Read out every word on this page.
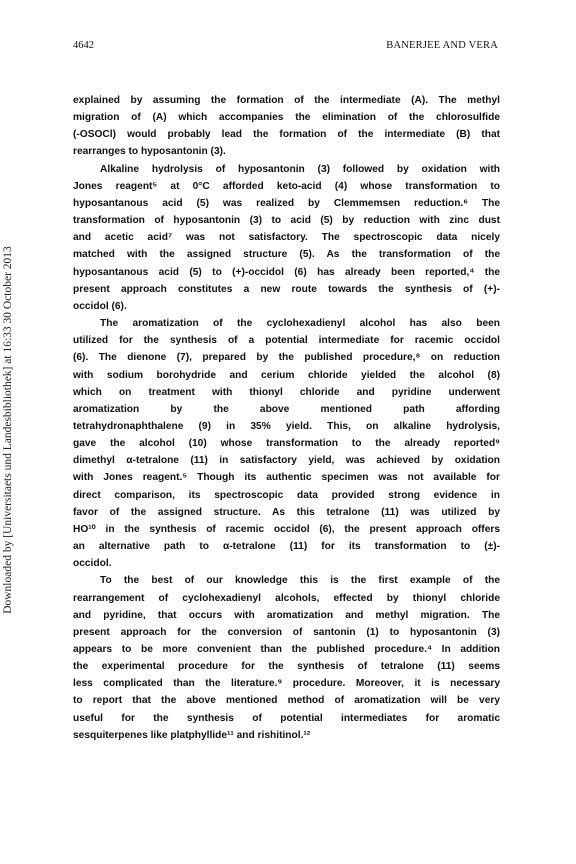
4642	BANERJEE AND VERA
Downloaded by [Universitaets und Landesbibliothek] at 16:33 30 October 2013
explained by assuming the formation of the intermediate (A). The methyl
migration of (A) which accompanies the elimination of the chlorosulfide
(-OSOCl) would probably lead the formation of the intermediate (B) that
rearranges to hyposantonin (3).
Alkaline hydrolysis of hyposantonin (3) followed by oxidation with
Jones reagent⁵ at 0°C afforded keto-acid (4) whose transformation to
hyposantanous acid (5) was realized by Clemmemsen reduction.⁶ The
transformation of hyposantonin (3) to acid (5) by reduction with zinc dust
and acetic acid⁷ was not satisfactory. The spectroscopic data nicely
matched with the assigned structure (5). As the transformation of the
hyposantanous acid (5) to (+)-occidol (6) has already been reported,⁴ the
present approach constitutes a new route towards the synthesis of (+)-
occidol (6).
The aromatization of the cyclohexadienyl alcohol has also been
utilized for the synthesis of a potential intermediate for racemic occidol
(6). The dienone (7), prepared by the published procedure,⁸ on reduction
with sodium borohydride and cerium chloride yielded the alcohol (8)
which on treatment with thionyl chloride and pyridine underwent
aromatization by the above mentioned path affording
tetrahydronaphthalene (9) in 35% yield. This, on alkaline hydrolysis,
gave the alcohol (10) whose transformation to the already reported⁹
dimethyl α-tetralone (11) in satisfactory yield, was achieved by oxidation
with Jones reagent.⁵ Though its authentic specimen was not available for
direct comparison, its spectroscopic data provided strong evidence in
favor of the assigned structure. As this tetralone (11) was utilized by
HO¹⁰ in the synthesis of racemic occidol (6), the present approach offers
an alternative path to α-tetralone (11) for its transformation to (±)-
occidol.
To the best of our knowledge this is the first example of the
rearrangement of cyclohexadienyl alcohols, effected by thionyl chloride
and pyridine, that occurs with aromatization and methyl migration. The
present approach for the conversion of santonin (1) to hyposantonin (3)
appears to be more convenient than the published procedure.⁴ In addition
the experimental procedure for the synthesis of tetralone (11) seems
less complicated than the literature.⁹ procedure. Moreover, it is necessary
to report that the above mentioned method of aromatization will be very
useful for the synthesis of potential intermediates for aromatic
sesquiterpenes like platphyllide¹¹ and rishitinol.¹²
